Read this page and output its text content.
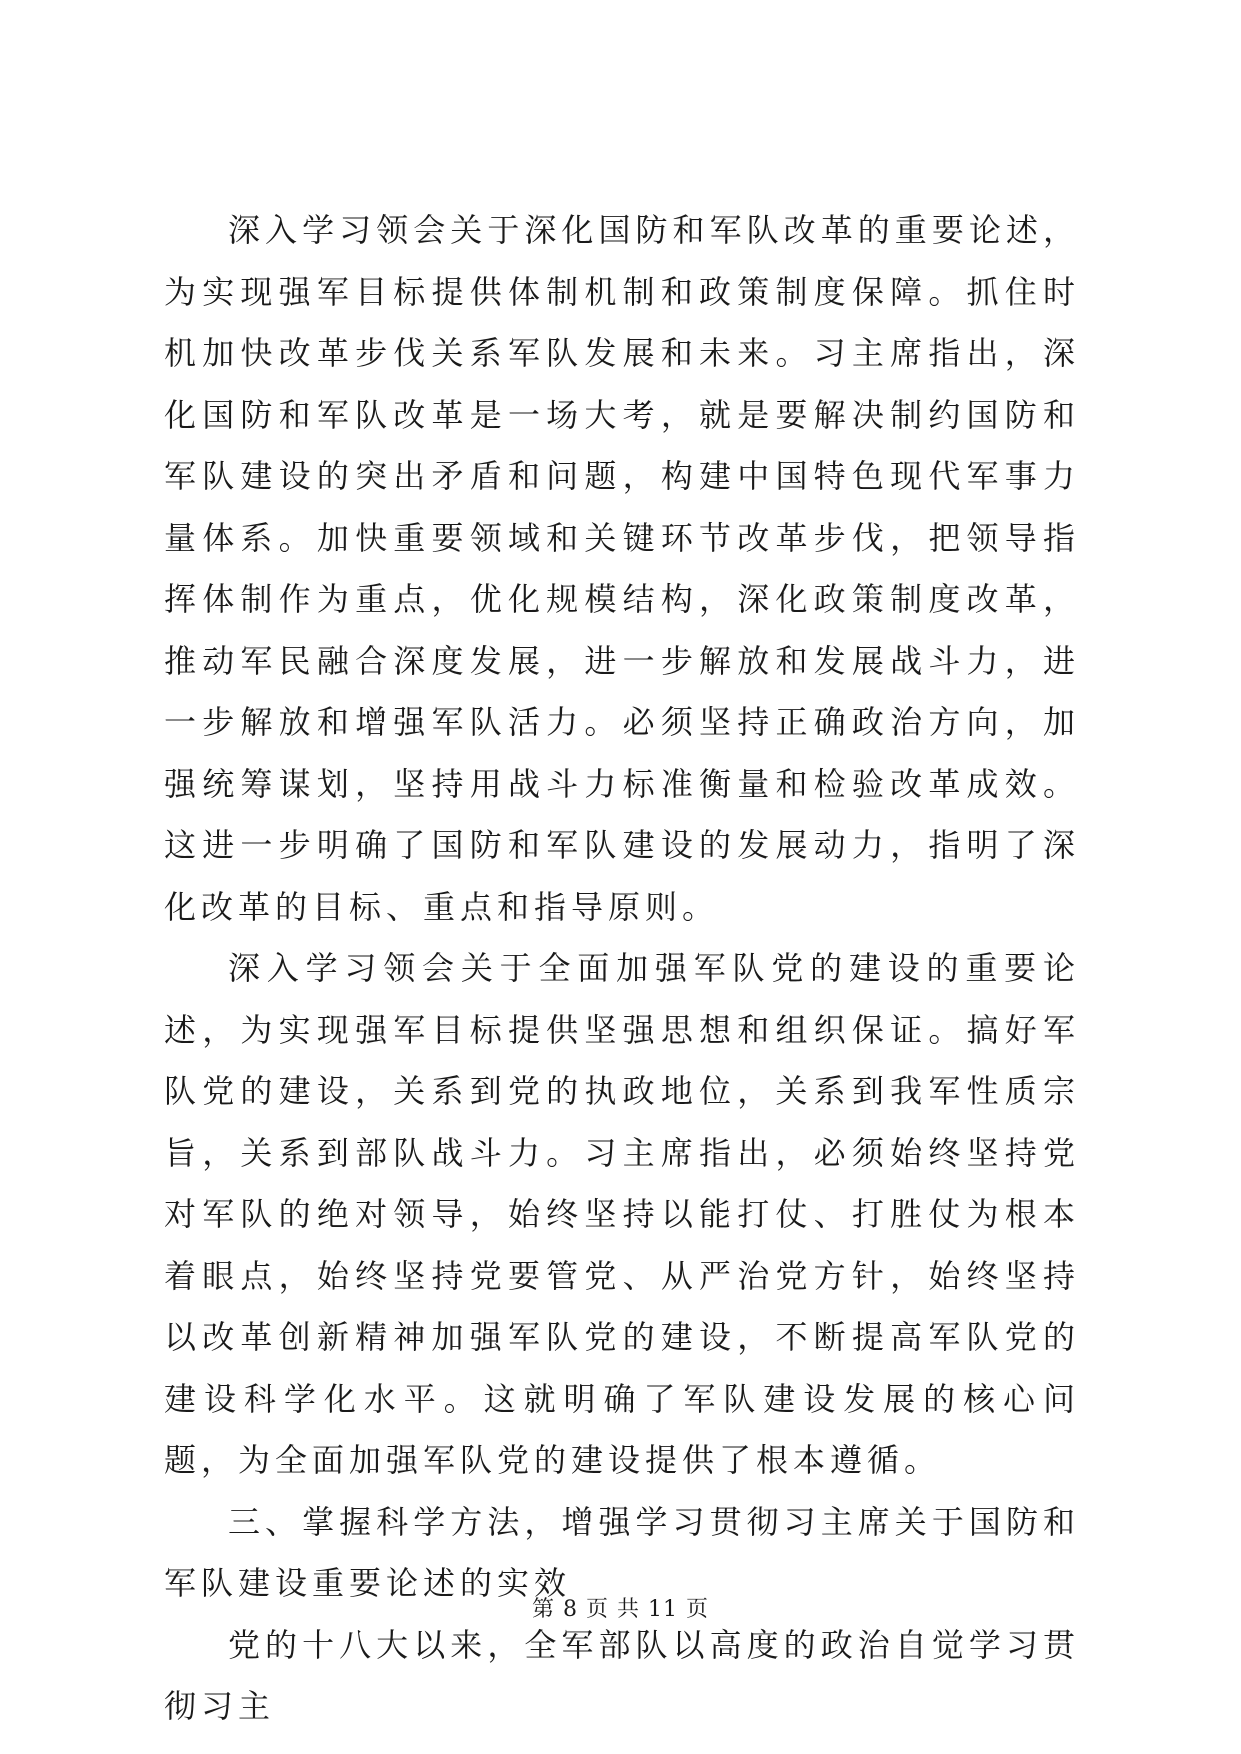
深入学习领会关于深化国防和军队改革的重要论述，为实现强军目标提供体制机制和政策制度保障。抓住时机加快改革步伐关系军队发展和未来。习主席指出，深化国防和军队改革是一场大考，就是要解决制约国防和军队建设的突出矛盾和问题，构建中国特色现代军事力量体系。加快重要领域和关键环节改革步伐，把领导指挥体制作为重点，优化规模结构，深化政策制度改革，推动军民融合深度发展，进一步解放和发展战斗力，进一步解放和增强军队活力。必须坚持正确政治方向，加强统筹谋划，坚持用战斗力标准衡量和检验改革成效。这进一步明确了国防和军队建设的发展动力，指明了深化改革的目标、重点和指导原则。

深入学习领会关于全面加强军队党的建设的重要论述，为实现强军目标提供坚强思想和组织保证。搞好军队党的建设，关系到党的执政地位，关系到我军性质宗旨，关系到部队战斗力。习主席指出，必须始终坚持党对军队的绝对领导，始终坚持以能打仗、打胜仗为根本着眼点，始终坚持党要管党、从严治党方针，始终坚持以改革创新精神加强军队党的建设，不断提高军队党的建设科学化水平。这就明确了军队建设发展的核心问题，为全面加强军队党的建设提供了根本遵循。

三、掌握科学方法，增强学习贯彻习主席关于国防和军队建设重要论述的实效

党的十八大以来，全军部队以高度的政治自觉学习贯彻习主

第 8 页 共 11 页
